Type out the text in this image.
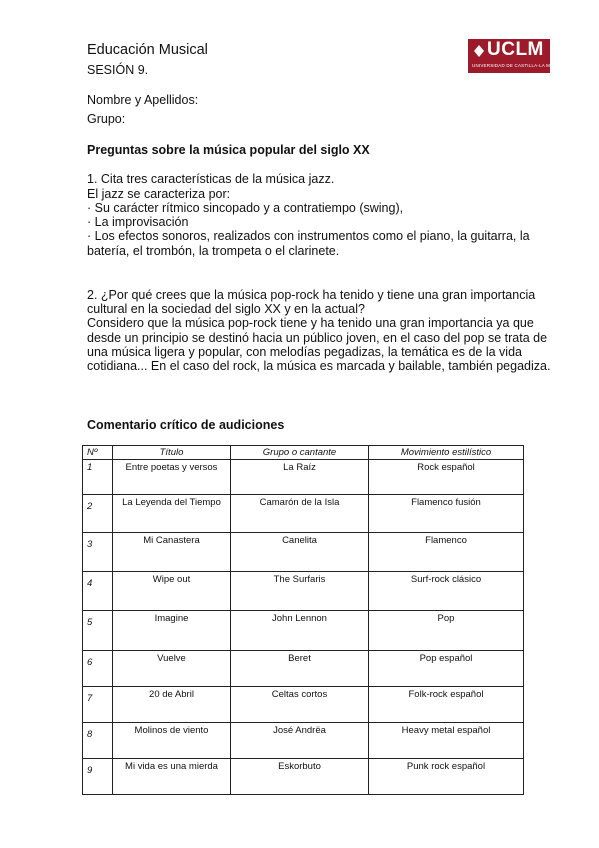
Educación Musical
SESIÓN 9.
UCLM
UNIVERSIDAD DE CASTILLA-LA MANCHA
Nombre y Apellidos:
Grupo:
Preguntas sobre la música popular del siglo XX
1. Cita tres características de la música jazz.
El jazz se caracteriza por:
· Su carácter rítmico sincopado y a contratiempo (swing),
· La improvisación
· Los efectos sonoros, realizados con instrumentos como el piano, la guitarra, la
batería, el trombón, la trompeta o el clarinete.
2. ¿Por qué crees que la música pop-rock ha tenido y tiene una gran importancia
cultural en la sociedad del siglo XX y en la actual?
Considero que la música pop-rock tiene y ha tenido una gran importancia ya que
desde un principio se destinó hacia un público joven, en el caso del pop se trata de
una música ligera y popular, con melodías pegadizas, la temática es de la vida
cotidiana... En el caso del rock, la música es marcada y bailable, también pegadiza.
Comentario crítico de audiciones
Nº	Título	Grupo o cantante	Movimiento estilístico
1	Entre poetas y versos	La Raíz	Rock español
2	La Leyenda del Tiempo	Camarón de la Isla	Flamenco fusión
3	Mi Canastera	Canelita	Flamenco
4	Wipe out	The Surfaris	Surf-rock clásico
5	Imagine	John Lennon	Pop
6	Vuelve	Beret	Pop español
7	20 de Abril	Celtas cortos	Folk-rock español
8	Molinos de viento	José Andrëa	Heavy metal español
9	Mi vida es una mierda	Eskorbuto	Punk rock español
